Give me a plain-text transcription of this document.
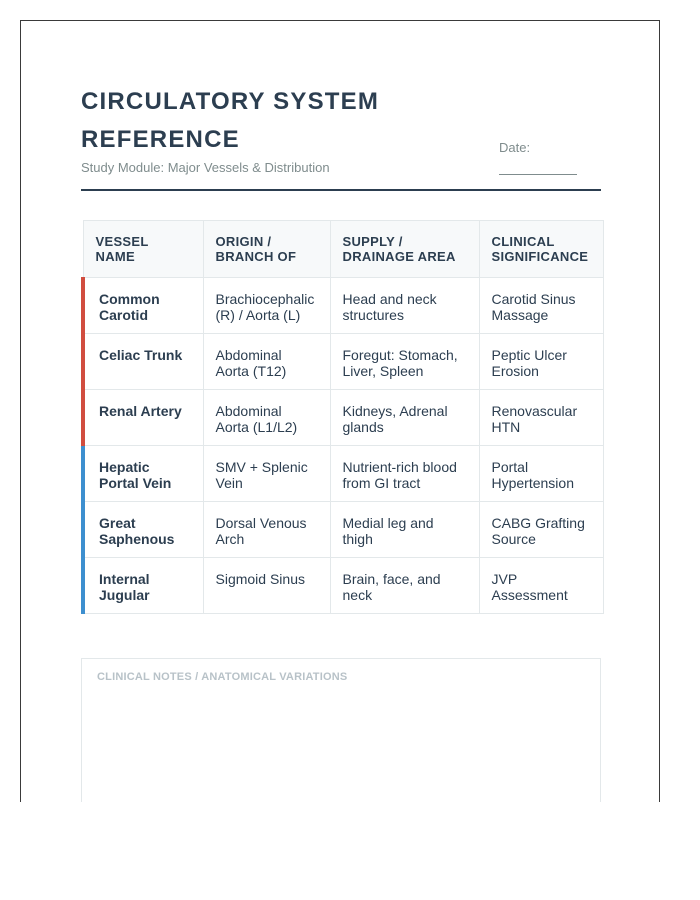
CIRCULATORY SYSTEM REFERENCE
Study Module: Major Vessels & Distribution
Date:
VESSEL NAME	ORIGIN / BRANCH OF	SUPPLY / DRAINAGE AREA	CLINICAL SIGNIFICANCE
Common Carotid	Brachiocephalic (R) / Aorta (L)	Head and neck structures	Carotid Sinus Massage
Celiac Trunk	Abdominal Aorta (T12)	Foregut: Stomach, Liver, Spleen	Peptic Ulcer Erosion
Renal Artery	Abdominal Aorta (L1/L2)	Kidneys, Adrenal glands	Renovascular HTN
Hepatic Portal Vein	SMV + Splenic Vein	Nutrient-rich blood from GI tract	Portal Hypertension
Great Saphenous	Dorsal Venous Arch	Medial leg and thigh	CABG Grafting Source
Internal Jugular	Sigmoid Sinus	Brain, face, and neck	JVP Assessment
CLINICAL NOTES / ANATOMICAL VARIATIONS
